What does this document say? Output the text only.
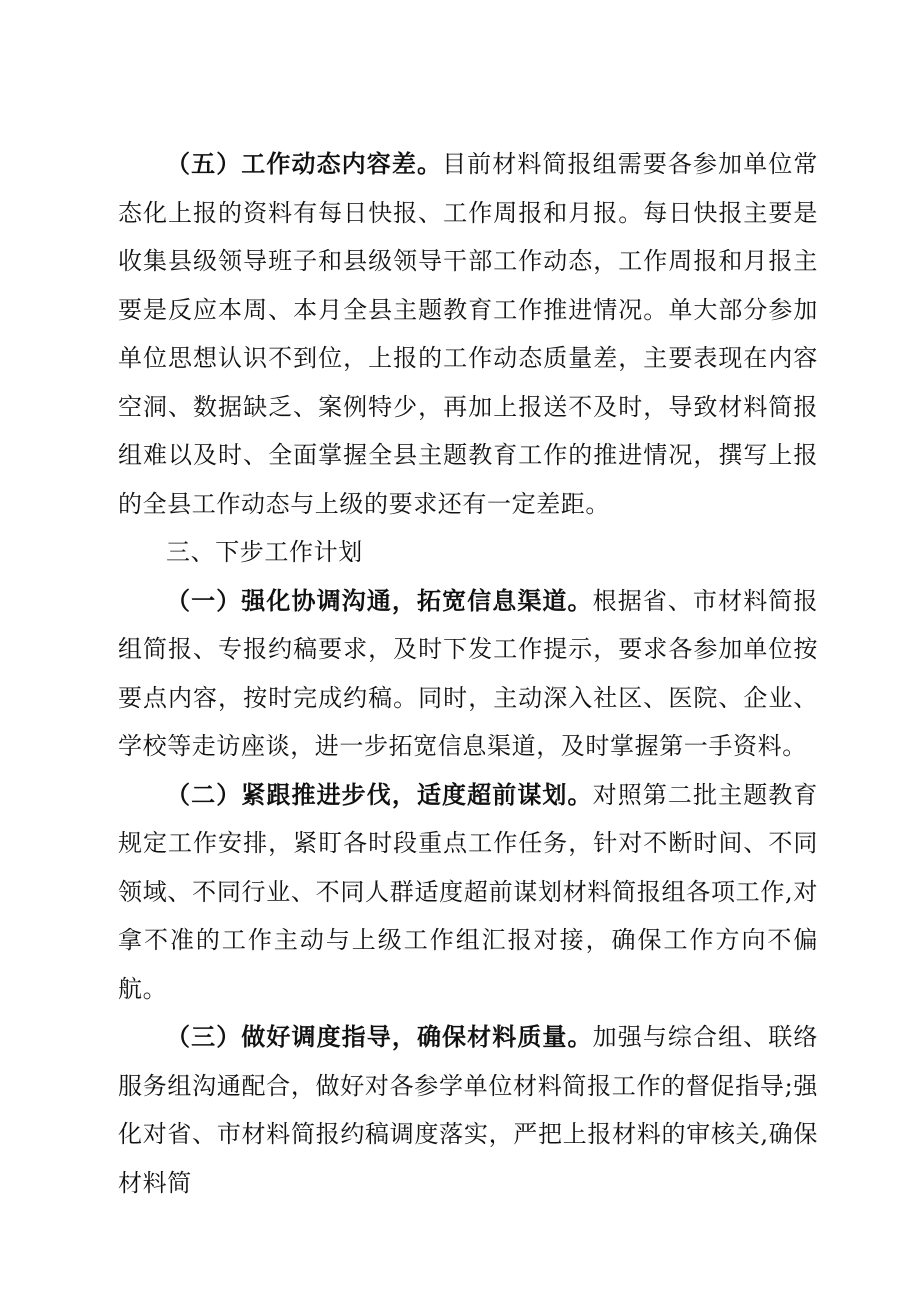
（五）工作动态内容差。目前材料简报组需要各参加单位常态化上报的资料有每日快报、工作周报和月报。每日快报主要是收集县级领导班子和县级领导干部工作动态，工作周报和月报主要是反应本周、本月全县主题教育工作推进情况。单大部分参加单位思想认识不到位，上报的工作动态质量差，主要表现在内容空洞、数据缺乏、案例特少，再加上报送不及时，导致材料简报组难以及时、全面掌握全县主题教育工作的推进情况，撰写上报的全县工作动态与上级的要求还有一定差距。

三、下步工作计划

（一）强化协调沟通，拓宽信息渠道。根据省、市材料简报组简报、专报约稿要求，及时下发工作提示，要求各参加单位按要点内容，按时完成约稿。同时，主动深入社区、医院、企业、学校等走访座谈，进一步拓宽信息渠道，及时掌握第一手资料。

（二）紧跟推进步伐，适度超前谋划。对照第二批主题教育规定工作安排，紧盯各时段重点工作任务，针对不断时间、不同领域、不同行业、不同人群适度超前谋划材料简报组各项工作,对拿不准的工作主动与上级工作组汇报对接，确保工作方向不偏航。

（三）做好调度指导，确保材料质量。加强与综合组、联络服务组沟通配合，做好对各参学单位材料简报工作的督促指导;强化对省、市材料简报约稿调度落实，严把上报材料的审核关,确保材料简
